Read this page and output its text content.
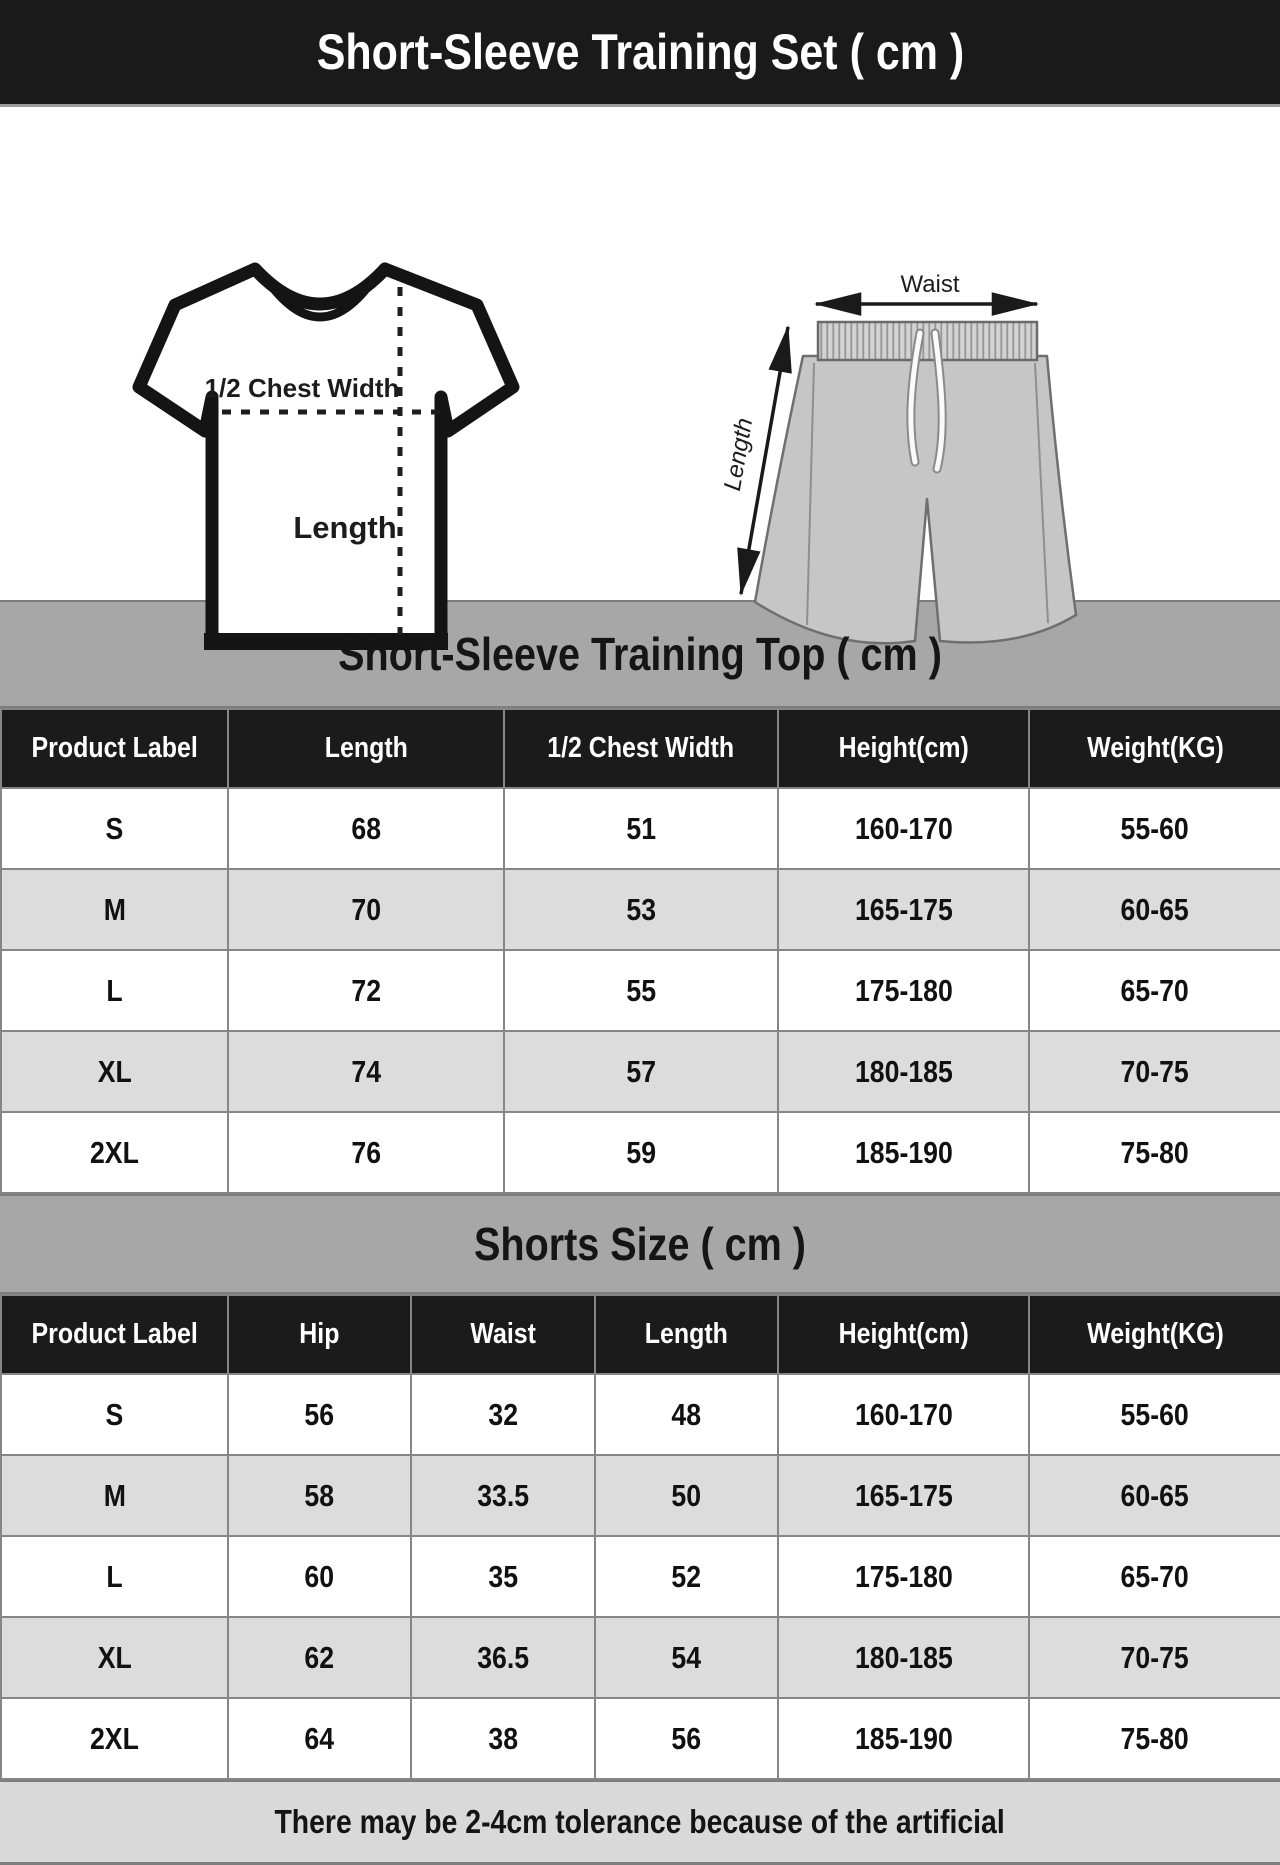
Short-Sleeve Training Set ( cm )
1/2 Chest Width
Length
Waist
Length
Short-Sleeve Training Top ( cm )
Product Label	Length	1/2 Chest Width	Height(cm)	Weight(KG)
S	68	51	160-170	55-60
M	70	53	165-175	60-65
L	72	55	175-180	65-70
XL	74	57	180-185	70-75
2XL	76	59	185-190	75-80
Shorts Size ( cm )
Product Label	Hip	Waist	Length	Height(cm)	Weight(KG)
S	56	32	48	160-170	55-60
M	58	33.5	50	165-175	60-65
L	60	35	52	175-180	65-70
XL	62	36.5	54	180-185	70-75
2XL	64	38	56	185-190	75-80
There may be 2-4cm tolerance because of the artificial
